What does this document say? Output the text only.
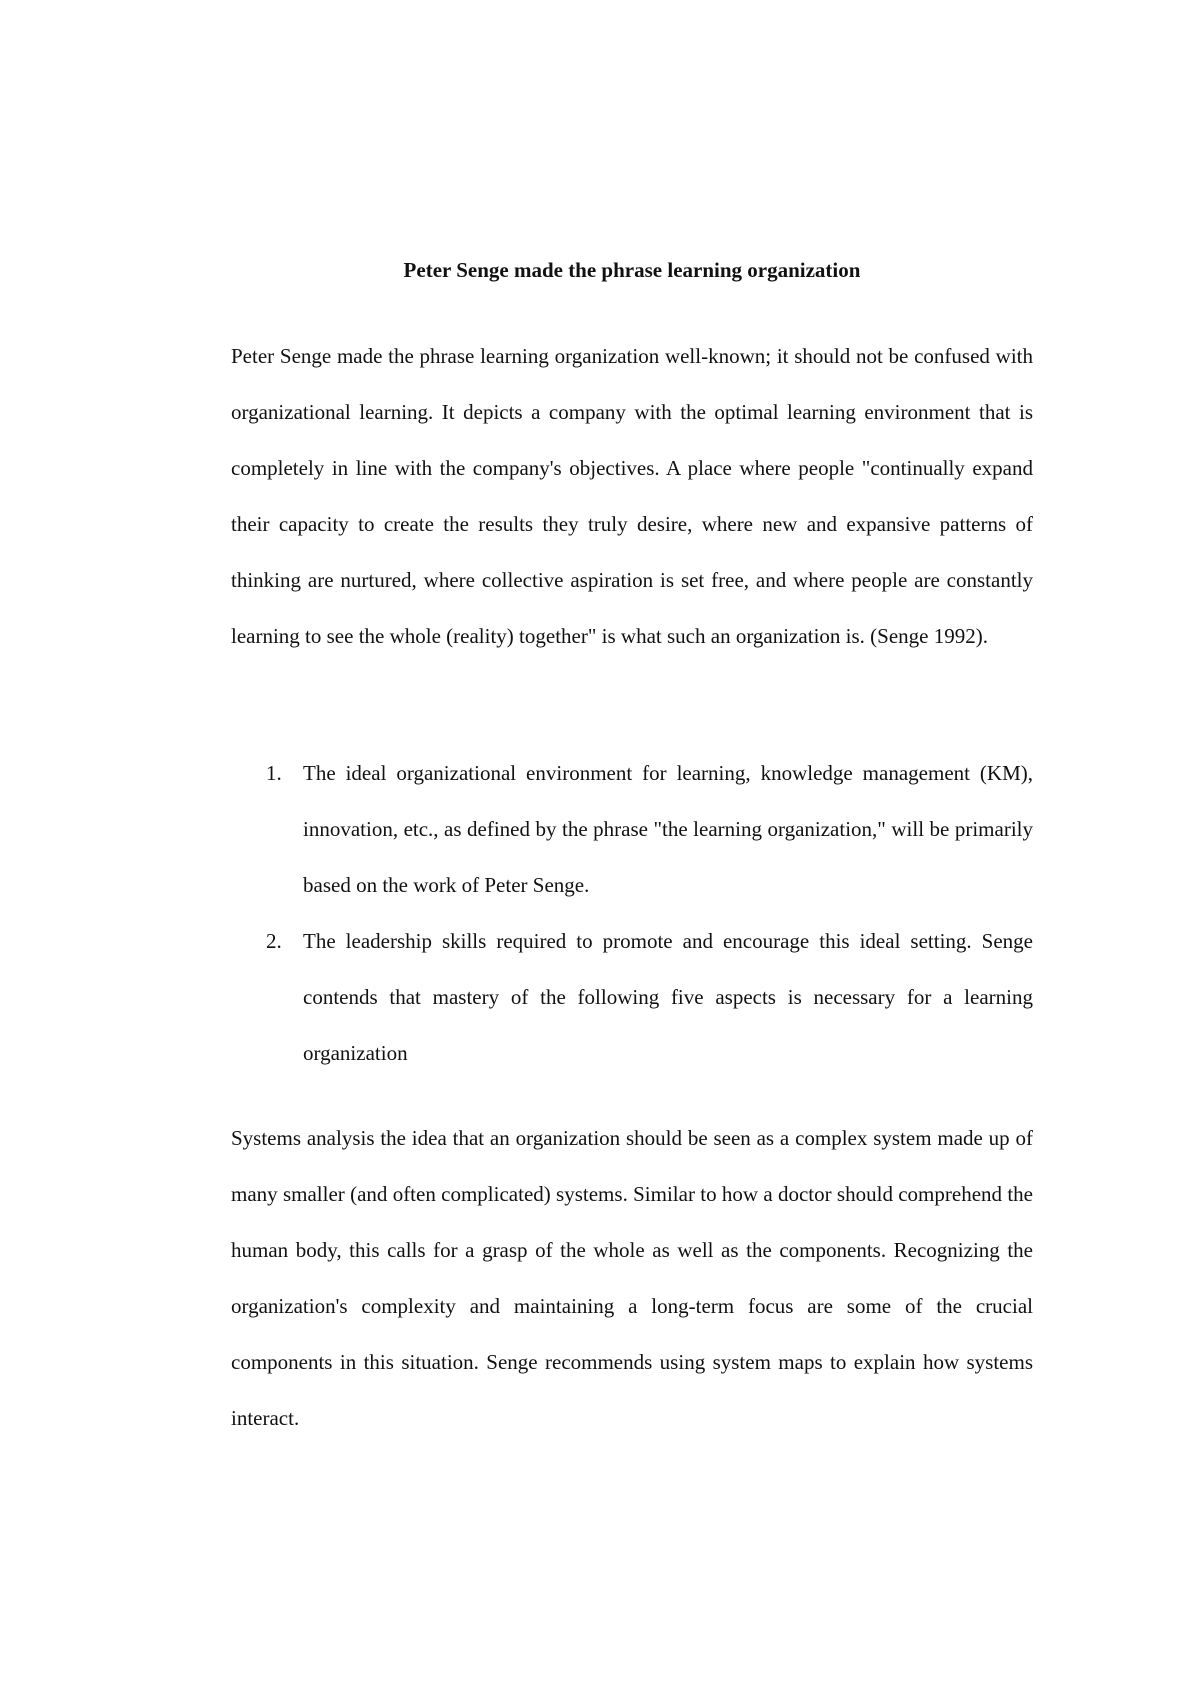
Peter Senge made the phrase learning organization

Peter Senge made the phrase learning organization well-known; it should not be confused with organizational learning. It depicts a company with the optimal learning environment that is completely in line with the company's objectives. A place where people "continually expand their capacity to create the results they truly desire, where new and expansive patterns of thinking are nurtured, where collective aspiration is set free, and where people are constantly learning to see the whole (reality) together" is what such an organization is. (Senge 1992).

1. The ideal organizational environment for learning, knowledge management (KM), innovation, etc., as defined by the phrase "the learning organization," will be primarily based on the work of Peter Senge.
2. The leadership skills required to promote and encourage this ideal setting. Senge contends that mastery of the following five aspects is necessary for a learning organization

Systems analysis the idea that an organization should be seen as a complex system made up of many smaller (and often complicated) systems. Similar to how a doctor should comprehend the human body, this calls for a grasp of the whole as well as the components. Recognizing the organization's complexity and maintaining a long-term focus are some of the crucial components in this situation. Senge recommends using system maps to explain how systems interact.
